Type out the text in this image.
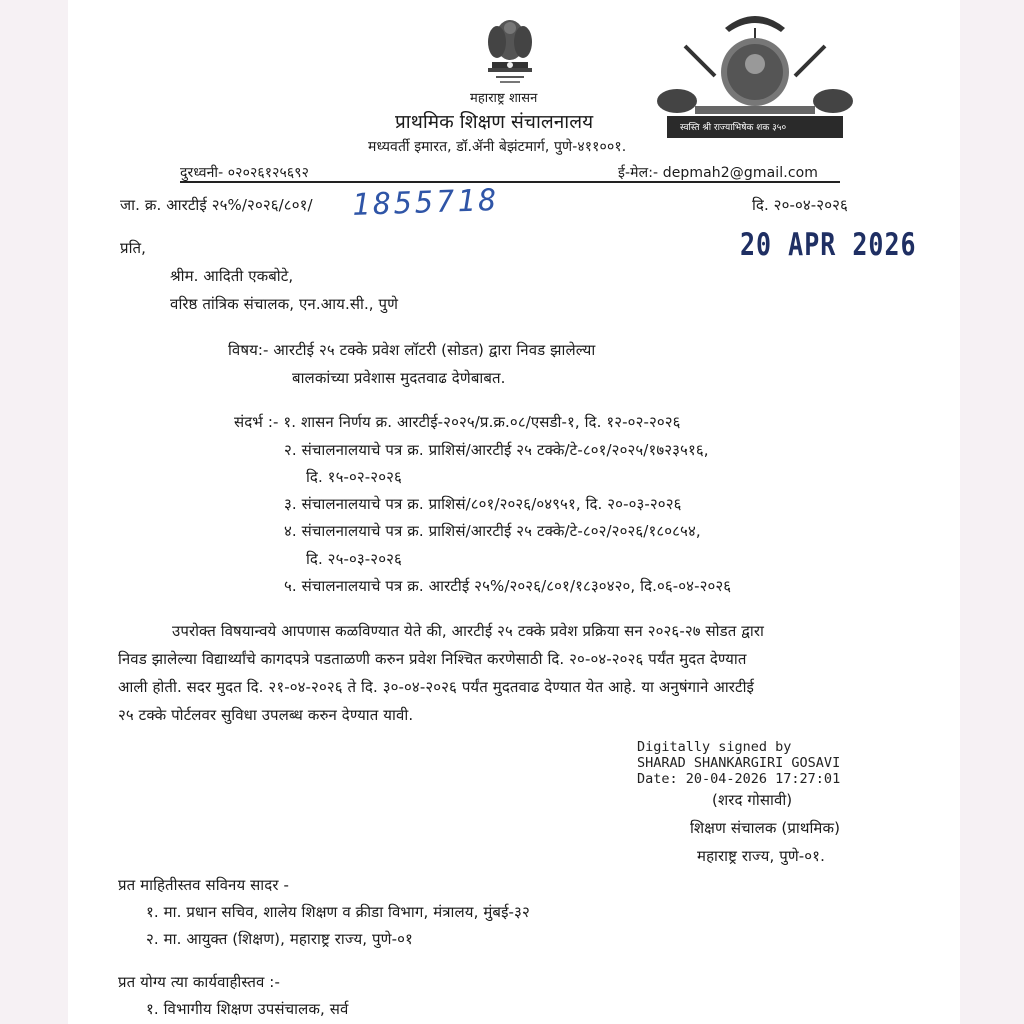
महाराष्ट्र शासन
प्राथमिक शिक्षण संचालनालय
मध्यवर्ती इमारत, डॉ.ॲनी बेझंटमार्ग, पुणे-४११००१.
स्वस्ति श्री राज्याभिषेक शक ३५०
दुरध्वनी- ०२०२६१२५६९२	ई-मेल:- depmah2@gmail.com
जा. क्र. आरटीई २५%/२०२६/८०१/ 1855718	दि. २०-०४-२०२६
20 APR 2026
प्रति,
श्रीम. आदिती एकबोटे,
वरिष्ठ तांत्रिक संचालक, एन.आय.सी., पुणे
विषय:- आरटीई २५ टक्के प्रवेश लॉटरी (सोडत) द्वारा निवड झालेल्या
बालकांच्या प्रवेशास मुदतवाढ देणेबाबत.
संदर्भ :- १. शासन निर्णय क्र. आरटीई-२०२५/प्र.क्र.०८/एसडी-१, दि. १२-०२-२०२६
२. संचालनालयाचे पत्र क्र. प्राशिसं/आरटीई २५ टक्के/टे-८०१/२०२५/१७२३५१६,
दि. १५-०२-२०२६
३. संचालनालयाचे पत्र क्र. प्राशिसं/८०१/२०२६/०४९५१, दि. २०-०३-२०२६
४. संचालनालयाचे पत्र क्र. प्राशिसं/आरटीई २५ टक्के/टे-८०२/२०२६/१८०८५४,
दि. २५-०३-२०२६
५. संचालनालयाचे पत्र क्र. आरटीई २५%/२०२६/८०१/१८३०४२०, दि.०६-०४-२०२६
उपरोक्त विषयान्वये आपणास कळविण्यात येते की, आरटीई २५ टक्के प्रवेश प्रक्रिया सन २०२६-२७ सोडत द्वारा
निवड झालेल्या विद्यार्थ्यांचे कागदपत्रे पडताळणी करुन प्रवेश निश्चित करणेसाठी दि. २०-०४-२०२६ पर्यंत मुदत देण्यात
आली होती. सदर मुदत दि. २१-०४-२०२६ ते दि. ३०-०४-२०२६ पर्यंत मुदतवाढ देण्यात येत आहे. या अनुषंगाने आरटीई
२५ टक्के पोर्टलवर सुविधा उपलब्ध करुन देण्यात यावी.
Digitally signed by
SHARAD SHANKARGIRI GOSAVI
Date: 20-04-2026 17:27:01
(शरद गोसावी)
शिक्षण संचालक (प्राथमिक)
महाराष्ट्र राज्य, पुणे-०१.
प्रत माहितीस्तव सविनय सादर -
१. मा. प्रधान सचिव, शालेय शिक्षण व क्रीडा विभाग, मंत्रालय, मुंबई-३२
२. मा. आयुक्त (शिक्षण), महाराष्ट्र राज्य, पुणे-०१
प्रत योग्य त्या कार्यवाहीस्तव :-
१. विभागीय शिक्षण उपसंचालक, सर्व
